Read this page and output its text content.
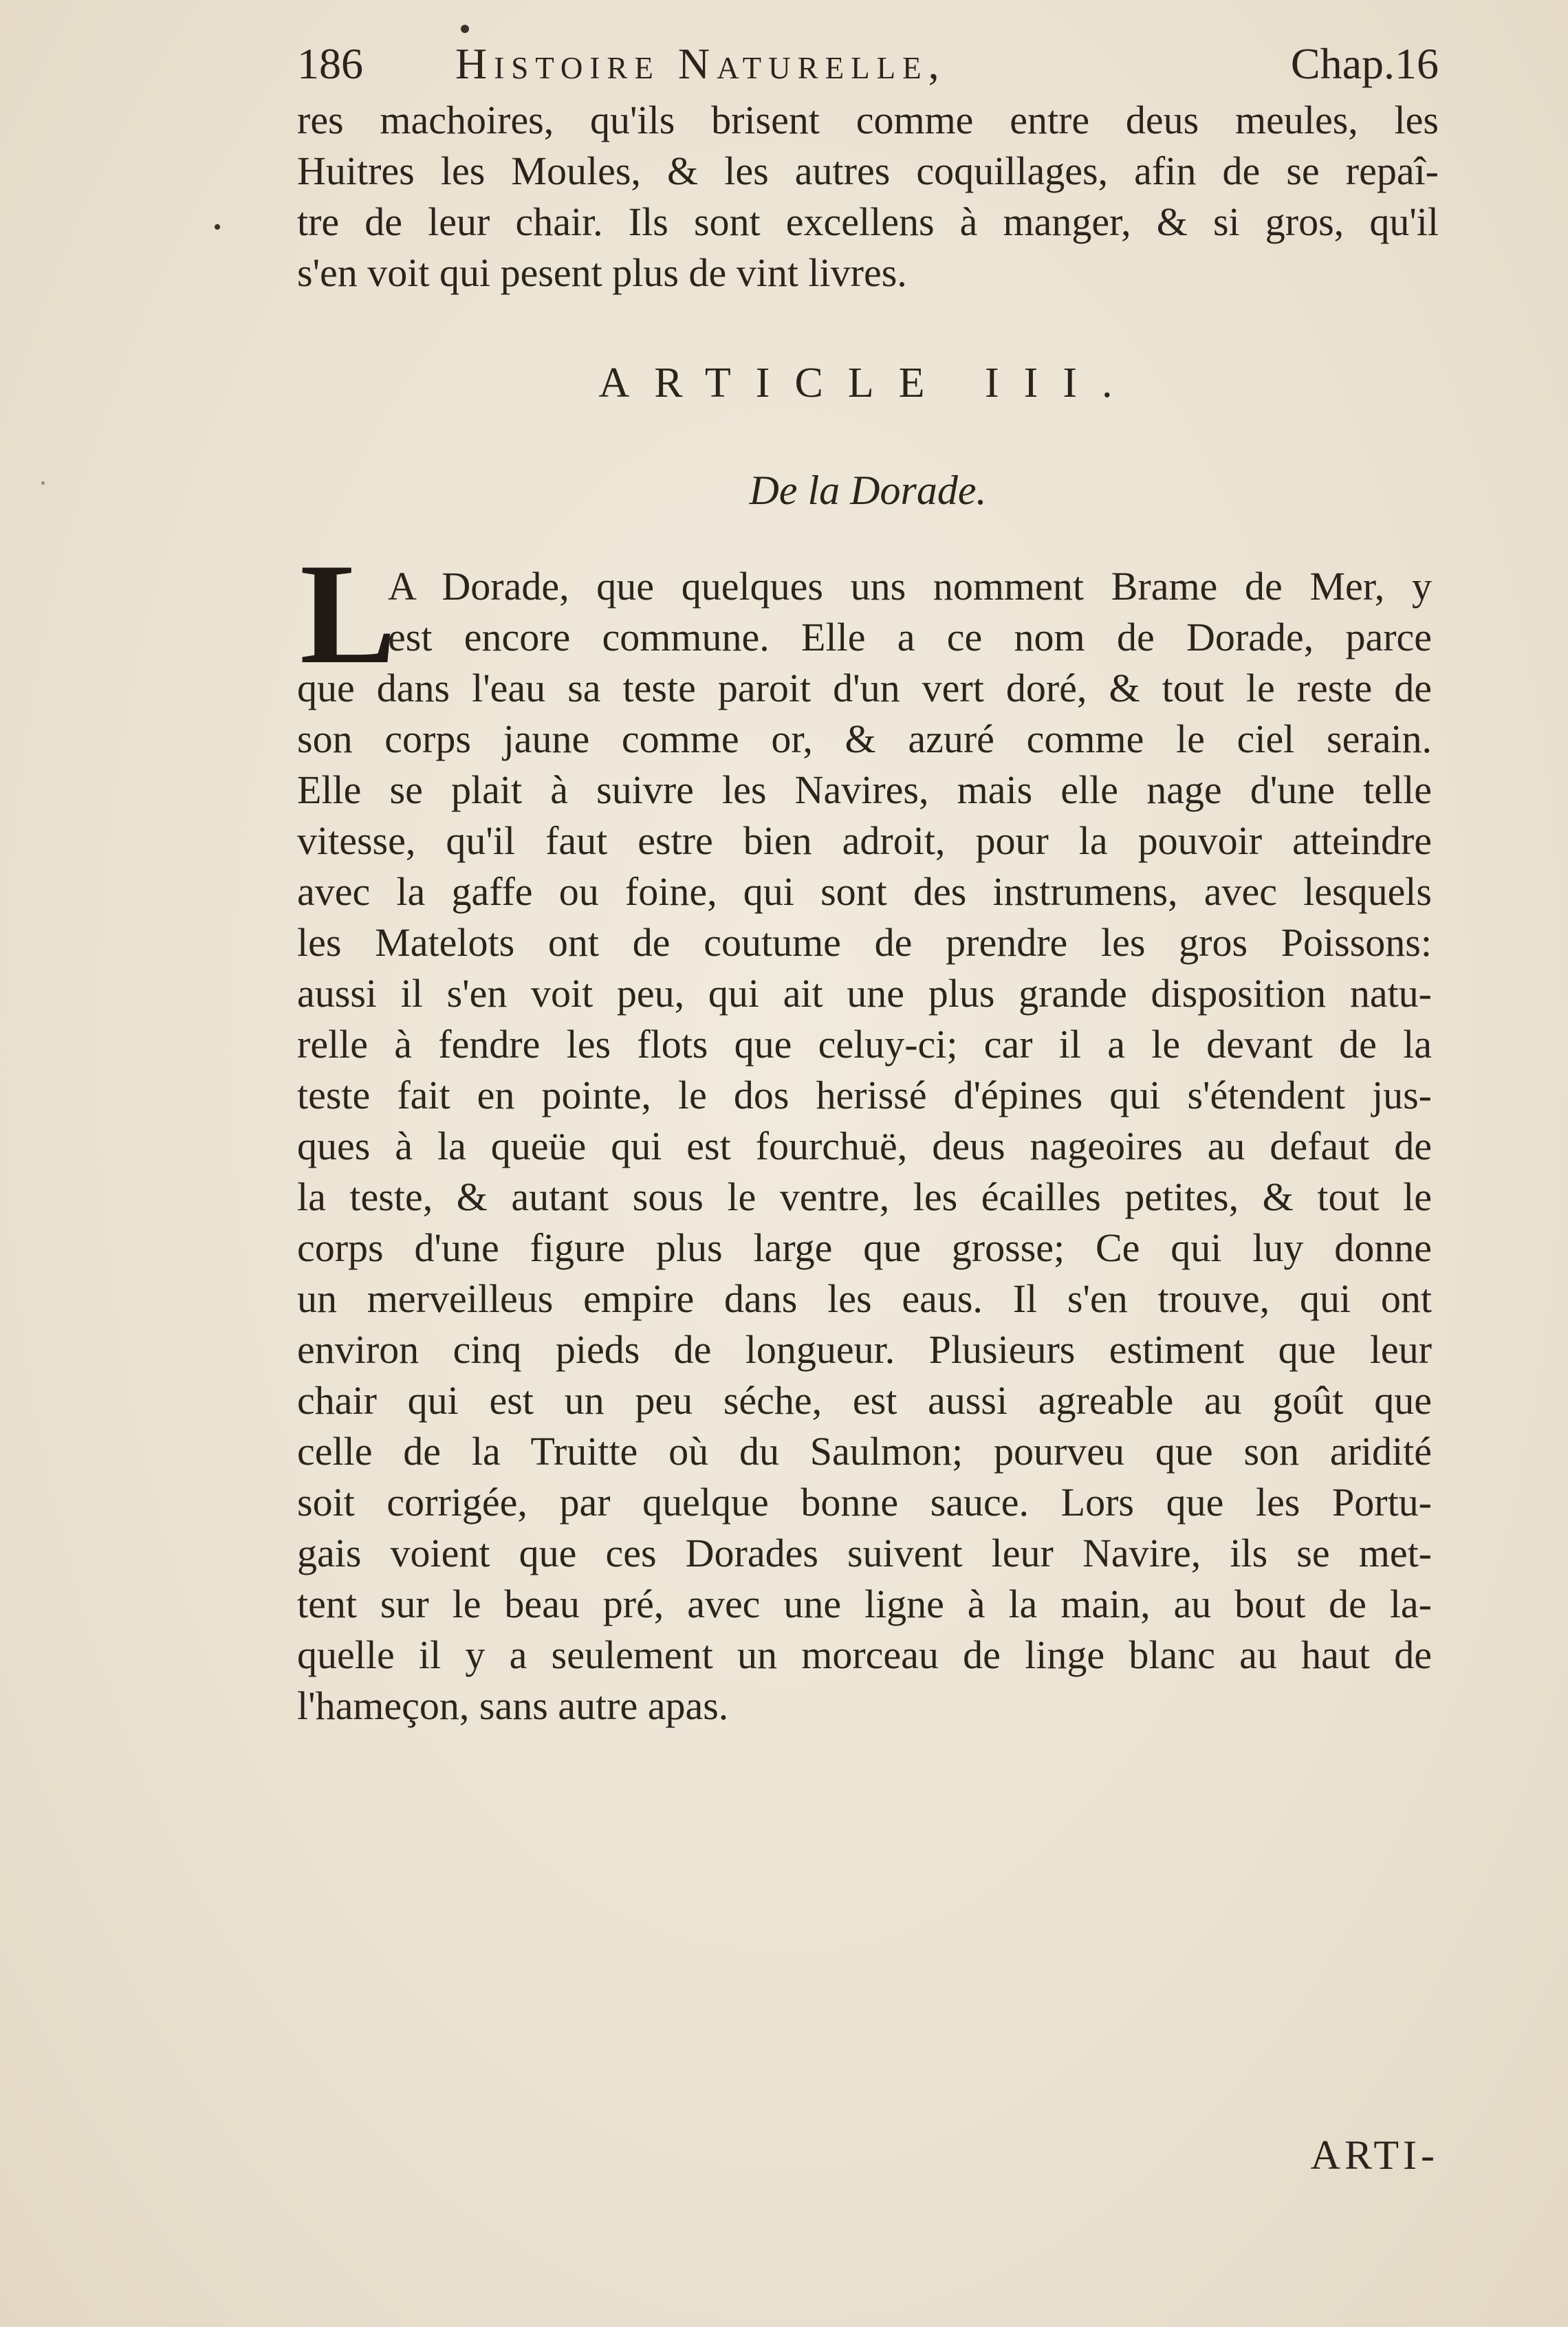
186 Histoire Naturelle,	Chap.16
res machoires, qu'ils brisent comme entre deus meules, les
Huitres les Moules, & les autres coquillages, afin de se repaî-
tre de leur chair. Ils sont excellens à manger, & si gros, qu'il
s'en voit qui pesent plus de vint livres.
ARTICLE III.
De la Dorade.
L
A Dorade, que quelques uns nomment Brame de Mer, y
est encore commune. Elle a ce nom de Dorade, parce
que dans l'eau sa teste paroit d'un vert doré, & tout le reste de
son corps jaune comme or, & azuré comme le ciel serain.
Elle se plait à suivre les Navires, mais elle nage d'une telle
vitesse, qu'il faut estre bien adroit, pour la pouvoir atteindre
avec la gaffe ou foine, qui sont des instrumens, avec lesquels
les Matelots ont de coutume de prendre les gros Poissons:
aussi il s'en voit peu, qui ait une plus grande disposition natu-
relle à fendre les flots que celuy-ci; car il a le devant de la
teste fait en pointe, le dos herissé d'épines qui s'étendent jus-
ques à la queüe qui est fourchuë, deus nageoires au defaut de
la teste, & autant sous le ventre, les écailles petites, & tout le
corps d'une figure plus large que grosse; Ce qui luy donne
un merveilleus empire dans les eaus. Il s'en trouve, qui ont
environ cinq pieds de longueur. Plusieurs estiment que leur
chair qui est un peu séche, est aussi agreable au goût que
celle de la Truitte où du Saulmon; pourveu que son aridité
soit corrigée, par quelque bonne sauce. Lors que les Portu-
gais voient que ces Dorades suivent leur Navire, ils se met-
tent sur le beau pré, avec une ligne à la main, au bout de la-
quelle il y a seulement un morceau de linge blanc au haut de
l'hameçon, sans autre apas.
ARTI-
